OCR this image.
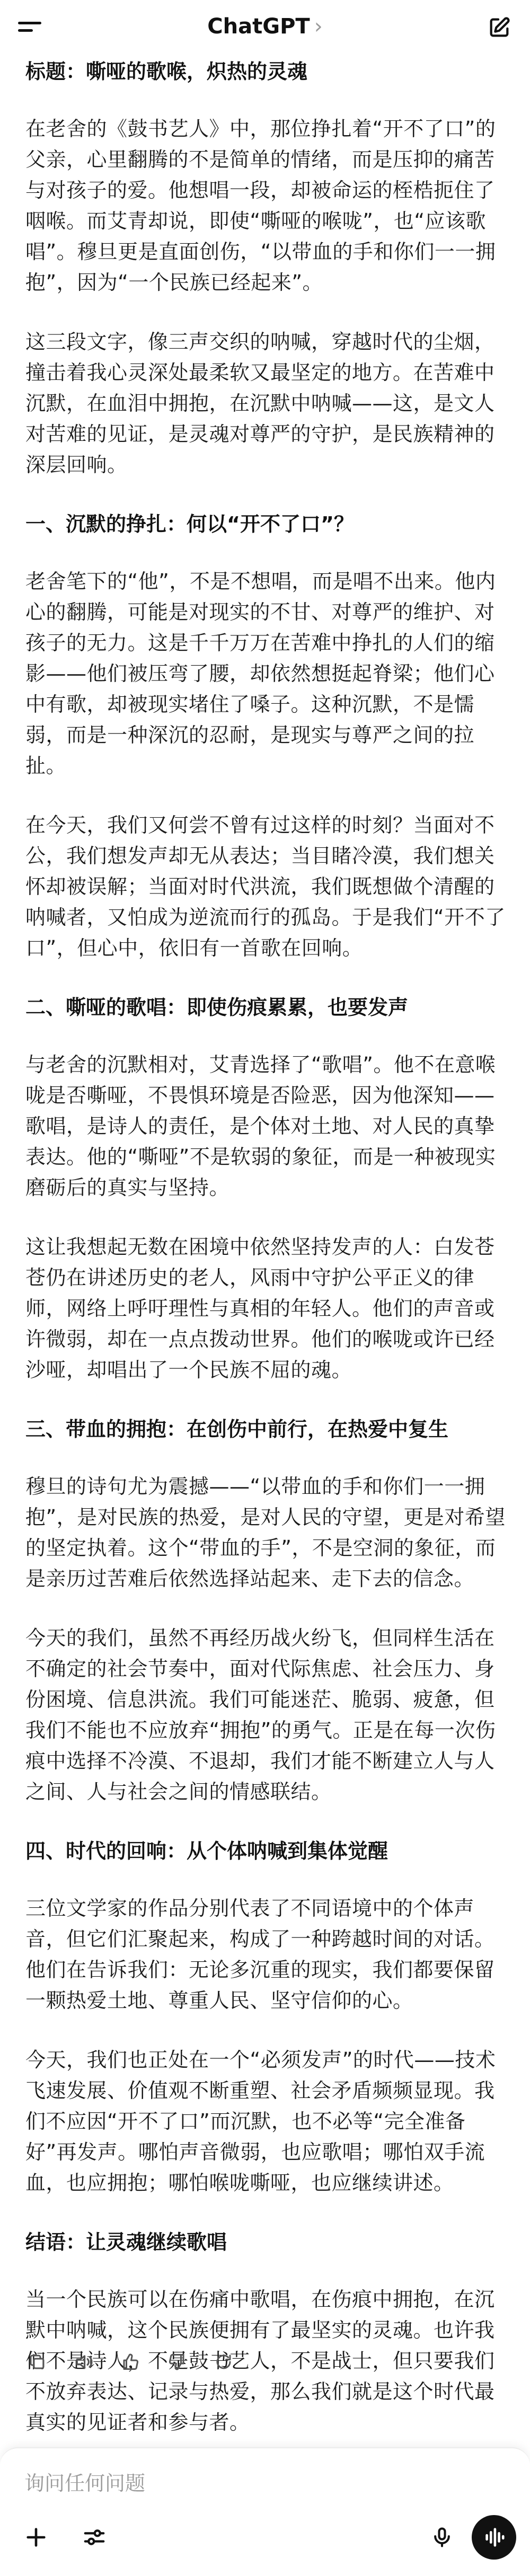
ChatGPT ›

标题：嘶哑的歌喉，炽热的灵魂

在老舍的《鼓书艺人》中，那位挣扎着“开不了口”的父亲，心里翻腾的不是简单的情绪，而是压抑的痛苦与对孩子的爱。他想唱一段，却被命运的桎梏扼住了咽喉。而艾青却说，即使“嘶哑的喉咙”，也“应该歌唱”。穆旦更是直面创伤，“以带血的手和你们一一拥抱”，因为“一个民族已经起来”。

这三段文字，像三声交织的呐喊，穿越时代的尘烟，撞击着我心灵深处最柔软又最坚定的地方。在苦难中沉默，在血泪中拥抱，在沉默中呐喊——这，是文人对苦难的见证，是灵魂对尊严的守护，是民族精神的深层回响。

一、沉默的挣扎：何以“开不了口”？

老舍笔下的“他”，不是不想唱，而是唱不出来。他内心的翻腾，可能是对现实的不甘、对尊严的维护、对孩子的无力。这是千千万万在苦难中挣扎的人们的缩影——他们被压弯了腰，却依然想挺起脊梁；他们心中有歌，却被现实堵住了嗓子。这种沉默，不是懦弱，而是一种深沉的忍耐，是现实与尊严之间的拉扯。

在今天，我们又何尝不曾有过这样的时刻？当面对不公，我们想发声却无从表达；当目睹冷漠，我们想关怀却被误解；当面对时代洪流，我们既想做个清醒的呐喊者，又怕成为逆流而行的孤岛。于是我们“开不了口”，但心中，依旧有一首歌在回响。

二、嘶哑的歌唱：即使伤痕累累，也要发声

与老舍的沉默相对，艾青选择了“歌唱”。他不在意喉咙是否嘶哑，不畏惧环境是否险恶，因为他深知——歌唱，是诗人的责任，是个体对土地、对人民的真挚表达。他的“嘶哑”不是软弱的象征，而是一种被现实磨砺后的真实与坚持。

这让我想起无数在困境中依然坚持发声的人：白发苍苍仍在讲述历史的老人，风雨中守护公平正义的律师，网络上呼吁理性与真相的年轻人。他们的声音或许微弱，却在一点点拨动世界。他们的喉咙或许已经沙哑，却唱出了一个民族不屈的魂。

三、带血的拥抱：在创伤中前行，在热爱中复生

穆旦的诗句尤为震撼——“以带血的手和你们一一拥抱”，是对民族的热爱，是对人民的守望，更是对希望的坚定执着。这个“带血的手”，不是空洞的象征，而是亲历过苦难后依然选择站起来、走下去的信念。

今天的我们，虽然不再经历战火纷飞，但同样生活在不确定的社会节奏中，面对代际焦虑、社会压力、身份困境、信息洪流。我们可能迷茫、脆弱、疲惫，但我们不能也不应放弃“拥抱”的勇气。正是在每一次伤痕中选择不冷漠、不退却，我们才能不断建立人与人之间、人与社会之间的情感联结。

四、时代的回响：从个体呐喊到集体觉醒

三位文学家的作品分别代表了不同语境中的个体声音，但它们汇聚起来，构成了一种跨越时间的对话。他们在告诉我们：无论多沉重的现实，我们都要保留一颗热爱土地、尊重人民、坚守信仰的心。

今天，我们也正处在一个“必须发声”的时代——技术飞速发展、价值观不断重塑、社会矛盾频频显现。我们不应因“开不了口”而沉默，也不必等“完全准备好”再发声。哪怕声音微弱，也应歌唱；哪怕双手流血，也应拥抱；哪怕喉咙嘶哑，也应继续讲述。

结语：让灵魂继续歌唱

当一个民族可以在伤痛中歌唱，在伤痕中拥抱，在沉默中呐喊，这个民族便拥有了最坚实的灵魂。也许我们不是诗人，不是鼓书艺人，不是战士，但只要我们不放弃表达、记录与热爱，那么我们就是这个时代最真实的见证者和参与者。

询问任何问题
